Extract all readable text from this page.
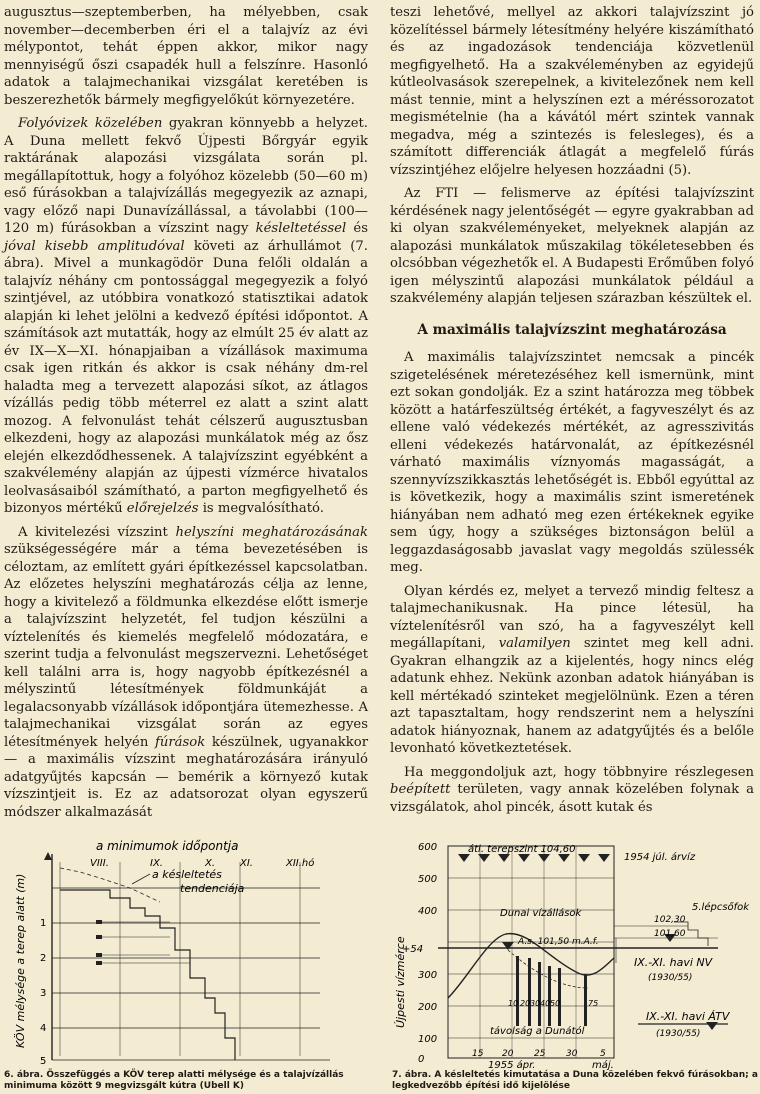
augusztus—szeptemberben, ha mélyebben, csak november—decemberben éri el a talajvíz az évi mélypontot, tehát éppen akkor, mikor nagy mennyiségű őszi csapadék hull a felszínre. Hasonló adatok a talajmechanikai vizsgálat keretében is beszerezhetők bármely megfigyelőkút környezetére.

Folyóvizek közelében gyakran könnyebb a helyzet. A Duna mellett fekvő Újpesti Bőrgyár egyik raktárának alapozási vizsgálata során pl. megállapítottuk, hogy a folyóhoz közelebb (50—60 m) eső fúrásokban a talajvízállás megegyezik az aznapi, vagy előző napi Dunavízállással, a távolabbi (100—120 m) fúrásokban a vízszint nagy késleltetéssel és jóval kisebb amplitudóval követi az árhullámot (7. ábra). Mivel a munkagödör Duna felőli oldalán a talajvíz néhány cm pontossággal megegyezik a folyó szintjével, az utóbbira vonatkozó statisztikai adatok alapján ki lehet jelölni a kedvező építési időpontot. A számítások azt mutatták, hogy az elmúlt 25 év alatt az év IX—X—XI. hónapjaiban a vízállások maximuma csak igen ritkán és akkor is csak néhány dm-rel haladta meg a tervezett alapozási síkot, az átlagos vízállás pedig több méterrel ez alatt a szint alatt mozog. A felvonulást tehát célszerű augusztusban elkezdeni, hogy az alapozási munkálatok még az ősz elején elkezdődhessenek. A talajvízszint egyébként a szakvélemény alapján az újpesti vízmérce hivatalos leolvasásaiból számítható, a parton megfigyelhető és bizonyos mértékű előrejelzés is megvalósítható.

A kivitelezési vízszint helyszíni meghatározásának szükségességére már a téma bevezetésében is céloztam, az említett gyári építkezéssel kapcsolatban. Az előzetes helyszíni meghatározás célja az lenne, hogy a kivitelező a földmunka elkezdése előtt ismerje a talajvízszint helyzetét, fel tudjon készülni a víztelenítés és kiemelés megfelelő módozatára, e szerint tudja a felvonulást megszervezni. Lehetőséget kell találni arra is, hogy nagyobb építkezésnél a mélyszintű létesítmények földmunkáját a legalacsonyabb vízállások időpontjára ütemezhesse. A talajmechanikai vizsgálat során az egyes létesítmények helyén fúrások készülnek, ugyanakkor — a maximális vízszint meghatározására irányuló adatgyűjtés kapcsán — bemérik a környező kutak vízszintjeit is. Ez az adatsorozat olyan egyszerű módszer alkalmazását

teszi lehetővé, mellyel az akkori talajvízszint jó közelítéssel bármely létesítmény helyére kiszámítható és az ingadozások tendenciája közvetlenül megfigyelhető. Ha a szakvéleményben az egyidejű kútleolvasások szerepelnek, a kivitelezőnek nem kell mást tennie, mint a helyszínen ezt a méréssorozatot megismételnie (ha a kávától mért szintek vannak megadva, még a szintezés is felesleges), és a számított differenciák átlagát a megfelelő fúrás vízszintjéhez előjelre helyesen hozzáadni (5).

Az FTI — felismerve az építési talajvízszint kérdésének nagy jelentőségét — egyre gyakrabban ad ki olyan szakvéleményeket, melyeknek alapján az alapozási munkálatok műszakilag tökéletesebben és olcsóbban végezhetők el. A Budapesti Erőműben folyó igen mélyszintű alapozási munkálatok például a szakvélemény alapján teljesen szárazban készültek el.

A maximális talajvízszint meghatározása

A maximális talajvízszintet nemcsak a pincék szigetelésének méretezéséhez kell ismernünk, mint ezt sokan gondolják. Ez a szint határozza meg többek között a határfeszültség értékét, a fagyveszélyt és az ellene való védekezés mértékét, az agresszivitás elleni védekezés határvonalát, az építkezésnél várható maximális víznyomás magasságát, a szennyvízszikkasztás lehetőségét is. Ebből egyúttal az is következik, hogy a maximális szint ismeretének hiányában nem adható meg ezen értékeknek egyike sem úgy, hogy a szükséges biztonságon belül a leggazdaságosabb javaslat vagy megoldás szülessék meg.

Olyan kérdés ez, melyet a tervező mindig feltesz a talajmechanikusnak. Ha pince létesül, ha víztelenítésről van szó, ha a fagyveszélyt kell megállapítani, valamilyen szintet meg kell adni. Gyakran elhangzik az a kijelentés, hogy nincs elég adatunk ehhez. Nekünk azonban adatok hiányában is kell mértékadó szinteket megjelölnünk. Ezen a téren azt tapasztaltam, hogy rendszerint nem a helyszíni adatok hiányoznak, hanem az adatgyűjtés és a belőle levonható következtetések.

Ha meggondoljuk azt, hogy többnyire részlegesen beépített területen, vagy annak közelében folynak a vizsgálatok, ahol pincék, ásott kutak és

a minimumok időpontja
VIII.	IX.	X. XI.	XII.hó
a késleltetés
tendenciája
1
2
3
4
5
KÖV mélysége a terep alatt (m)
6. ábra. Összefüggés a KÖV terep alatti mélysége és a talajvízállás minimuma között 9 megvizsgált kútra (Ubell K)
600
500
400
+54
300
200
100
0
Újpesti vízmérce
átl. terepszint 104,60
1954 júl. árvíz
Dunai vízállások
A.s. 101,50 m.A.f.
102,30
101,60
5.lépcsőfok
IX.-XI. havi NV
(1930/55)
IX.-XI. havi ÁTV
(1930/55)
10 20 30 40 50	75
távolság a Dunától
15 20 25 30	5
1955 ápr.	máj.
7. ábra. A késleltetés kimutatása a Duna közelében fekvő fúrásokban; a legkedvezőbb építési idő kijelölése
